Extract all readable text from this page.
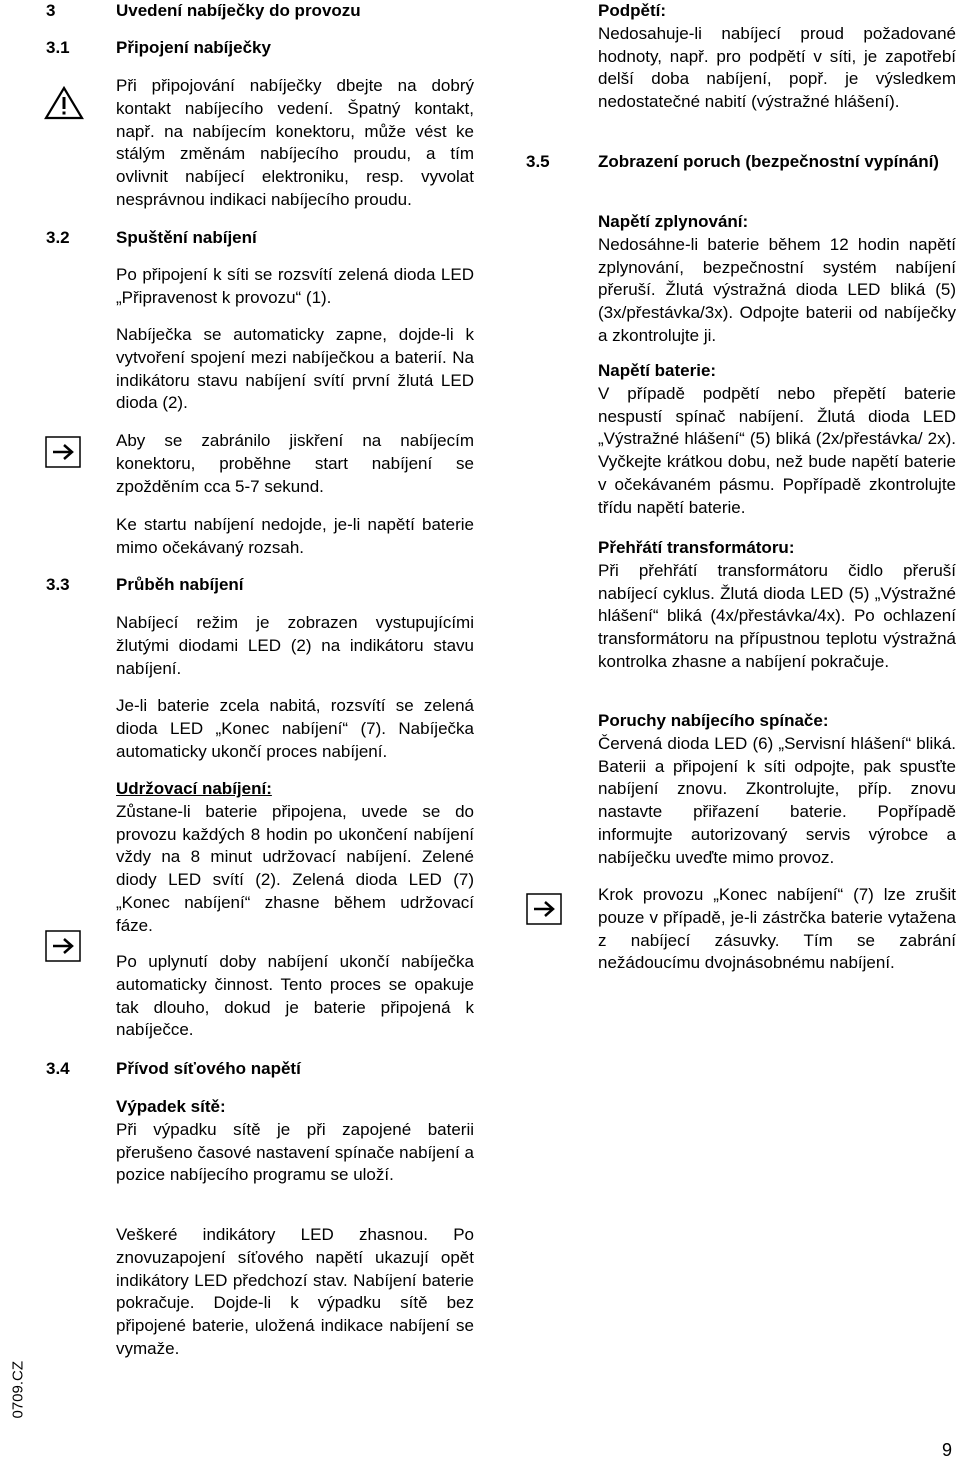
3	Uvedení nabíječky do provozu
3.1	Připojení nabíječky
Při připojování nabíječky dbejte na dobrý kontakt nabíjecího vedení. Špatný kontakt, např. na nabíjecím konektoru, může vést ke stálým změnám nabíjecího proudu, a tím ovlivnit nabíjecí elektroniku, resp. vyvolat nesprávnou indikaci nabíjecího proudu.
3.2	Spuštění nabíjení
Po připojení k síti se rozsvítí zelená dioda LED „Připravenost k provozu“ (1).
Nabíječka se automaticky zapne, dojde-li k vytvoření spojení mezi nabíječkou a baterií. Na indikátoru stavu nabíjení svítí první žlutá LED dioda (2).
Aby se zabránilo jiskření na nabíjecím konektoru, proběhne start nabíjení se zpožděním cca 5-7 sekund.
Ke startu nabíjení nedojde, je-li napětí baterie mimo očekávaný rozsah.
3.3	Průběh nabíjení
Nabíjecí režim je zobrazen vystupujícími žlutými diodami LED (2) na indikátoru stavu nabíjení.
Je-li baterie zcela nabitá, rozsvítí se zelená dioda LED „Konec nabíjení“ (7). Nabíječka automaticky ukončí proces nabíjení.
Udržovací nabíjení:
Zůstane-li baterie připojena, uvede se do provozu každých 8 hodin po ukončení nabíjení vždy na 8 minut udržovací nabíjení. Zelené diody LED svítí (2). Zelená dioda LED (7) „Konec nabíjení“ zhasne během udržovací fáze.
Po uplynutí doby nabíjení ukončí nabíječka automaticky činnost. Tento proces se opakuje tak dlouho, dokud je baterie připojená k nabíječce.
3.4	Přívod síťového napětí
Výpadek sítě:
Při výpadku sítě je při zapojené baterii přerušeno časové nastavení spínače nabíjení a pozice nabíjecího programu se uloží.
Veškeré indikátory LED zhasnou. Po znovuzapojení síťového napětí ukazují opět indikátory LED předchozí stav. Nabíjení baterie pokračuje. Dojde-li k výpadku sítě bez připojené baterie, uložená indikace nabíjení se vymaže.
Podpětí:
Nedosahuje-li nabíjecí proud požadované hodnoty, např. pro podpětí v síti, je zapotřebí delší doba nabíjení, popř. je výsledkem nedostatečné nabití (výstražné hlášení).
3.5	Zobrazení poruch (bezpečnostní vypínání)
Napětí zplynování:
Nedosáhne-li baterie během 12 hodin napětí zplynování, bezpečnostní systém nabíjení přeruší. Žlutá výstražná dioda LED bliká (5) (3x/přestávka/3x). Odpojte baterii od nabíječky a zkontrolujte ji.
Napětí baterie:
V případě podpětí nebo přepětí baterie nespustí spínač nabíjení. Žlutá dioda LED „Výstražné hlášení“ (5) bliká (2x/přestávka/ 2x). Vyčkejte krátkou dobu, než bude napětí baterie v očekávaném pásmu. Popřípadě zkontrolujte třídu napětí baterie.
Přehřátí transformátoru:
Při přehřátí transformátoru čidlo přeruší nabíjecí cyklus. Žlutá dioda LED (5) „Výstražné hlášení“ bliká (4x/přestávka/4x). Po ochlazení transformátoru na přípustnou teplotu výstražná kontrolka zhasne a nabíjení pokračuje.
Poruchy nabíjecího spínače:
Červená dioda LED (6) „Servisní hlášení“ bliká. Baterii a připojení k síti odpojte, pak spusťte nabíjení znovu. Zkontrolujte, příp. znovu nastavte přiřazení baterie. Popřípadě informujte autorizovaný servis výrobce a nabíječku uveďte mimo provoz.
Krok provozu „Konec nabíjení“ (7) lze zrušit pouze v případě, je-li zástrčka baterie vytažena z nabíjecí zásuvky. Tím se zabrání nežádoucímu dvojnásobnému nabíjení.
0709.CZ
9
